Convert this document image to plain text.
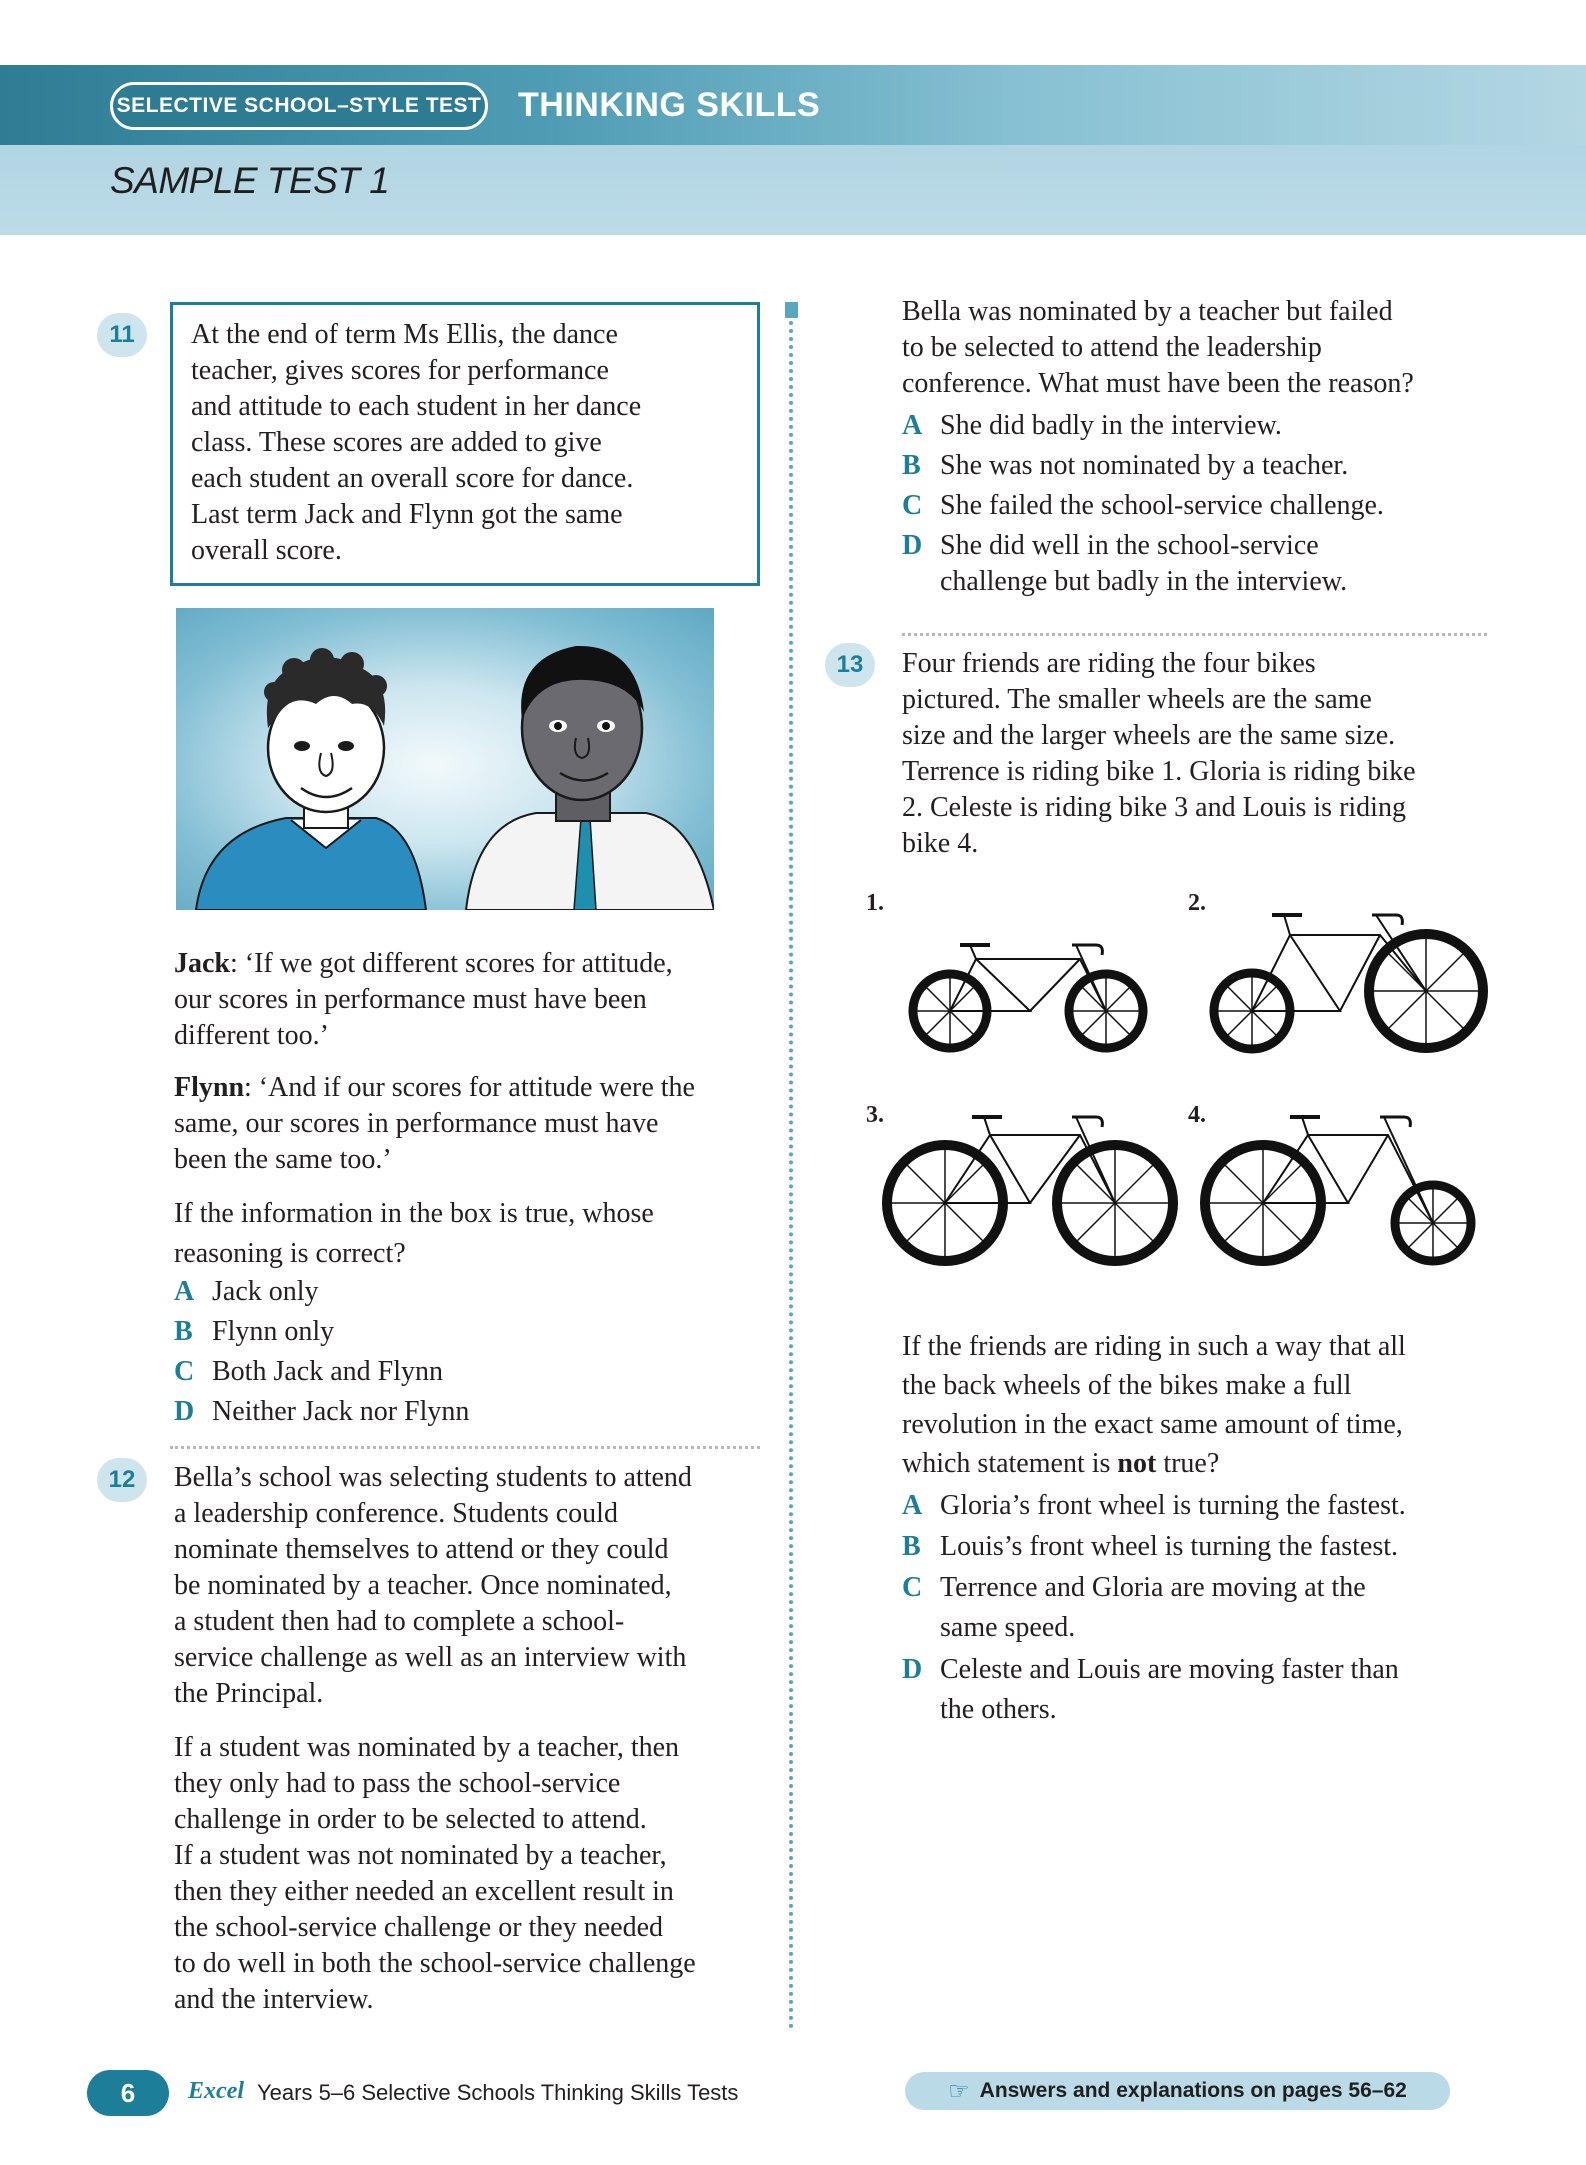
SELECTIVE SCHOOL–STYLE TEST THINKING SKILLS
SAMPLE TEST 1
11	At the end of term Ms Ellis, the dance
teacher, gives scores for performance
and attitude to each student in her dance
class. These scores are added to give
each student an overall score for dance.
Last term Jack and Flynn got the same
overall score.
Jack: ‘If we got different scores for attitude,
our scores in performance must have been
different too.’
Flynn: ‘And if our scores for attitude were the
same, our scores in performance must have
been the same too.’
If the information in the box is true, whose
reasoning is correct?
A Jack only
B Flynn only
C Both Jack and Flynn
D Neither Jack nor Flynn
12	Bella’s school was selecting students to attend
a leadership conference. Students could
nominate themselves to attend or they could
be nominated by a teacher. Once nominated,
a student then had to complete a school-
service challenge as well as an interview with
the Principal.
If a student was nominated by a teacher, then
they only had to pass the school-service
challenge in order to be selected to attend.
If a student was not nominated by a teacher,
then they either needed an excellent result in
the school-service challenge or they needed
to do well in both the school-service challenge
and the interview.
Bella was nominated by a teacher but failed
to be selected to attend the leadership
conference. What must have been the reason?
A She did badly in the interview.
B She was not nominated by a teacher.
C She failed the school-service challenge.
D She did well in the school-service
challenge but badly in the interview.
13	Four friends are riding the four bikes
pictured. The smaller wheels are the same
size and the larger wheels are the same size.
Terrence is riding bike 1. Gloria is riding bike
2. Celeste is riding bike 3 and Louis is riding
bike 4.
1.	2.
3.	4.
If the friends are riding in such a way that all
the back wheels of the bikes make a full
revolution in the exact same amount of time,
which statement is not true?
A Gloria’s front wheel is turning the fastest.
B Louis’s front wheel is turning the fastest.
C Terrence and Gloria are moving at the
same speed.
D Celeste and Louis are moving faster than
the others.
6	Excel Years 5–6 Selective Schools Thinking Skills Tests	☞ Answers and explanations on pages 56–62
